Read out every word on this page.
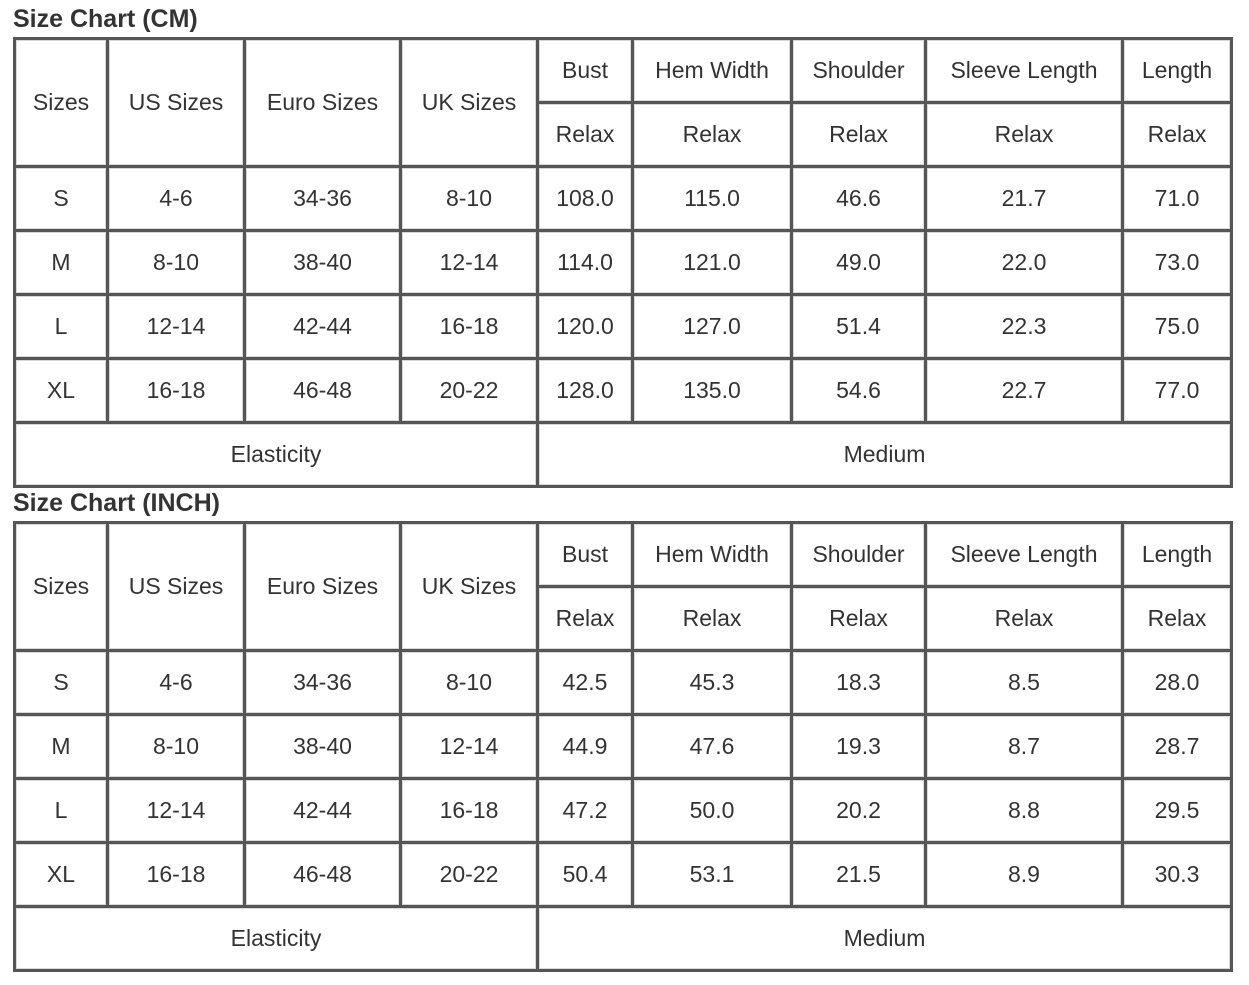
Size Chart (CM)
Sizes	US Sizes	Euro Sizes	UK Sizes	Bust	Hem Width	Shoulder	Sleeve Length	Length
				Relax	Relax	Relax	Relax	Relax
S	4-6	34-36	8-10	108.0	115.0	46.6	21.7	71.0
M	8-10	38-40	12-14	114.0	121.0	49.0	22.0	73.0
L	12-14	42-44	16-18	120.0	127.0	51.4	22.3	75.0
XL	16-18	46-48	20-22	128.0	135.0	54.6	22.7	77.0
Elasticity				Medium				
Size Chart (INCH)
Sizes	US Sizes	Euro Sizes	UK Sizes	Bust	Hem Width	Shoulder	Sleeve Length	Length
				Relax	Relax	Relax	Relax	Relax
S	4-6	34-36	8-10	42.5	45.3	18.3	8.5	28.0
M	8-10	38-40	12-14	44.9	47.6	19.3	8.7	28.7
L	12-14	42-44	16-18	47.2	50.0	20.2	8.8	29.5
XL	16-18	46-48	20-22	50.4	53.1	21.5	8.9	30.3
Elasticity				Medium				
